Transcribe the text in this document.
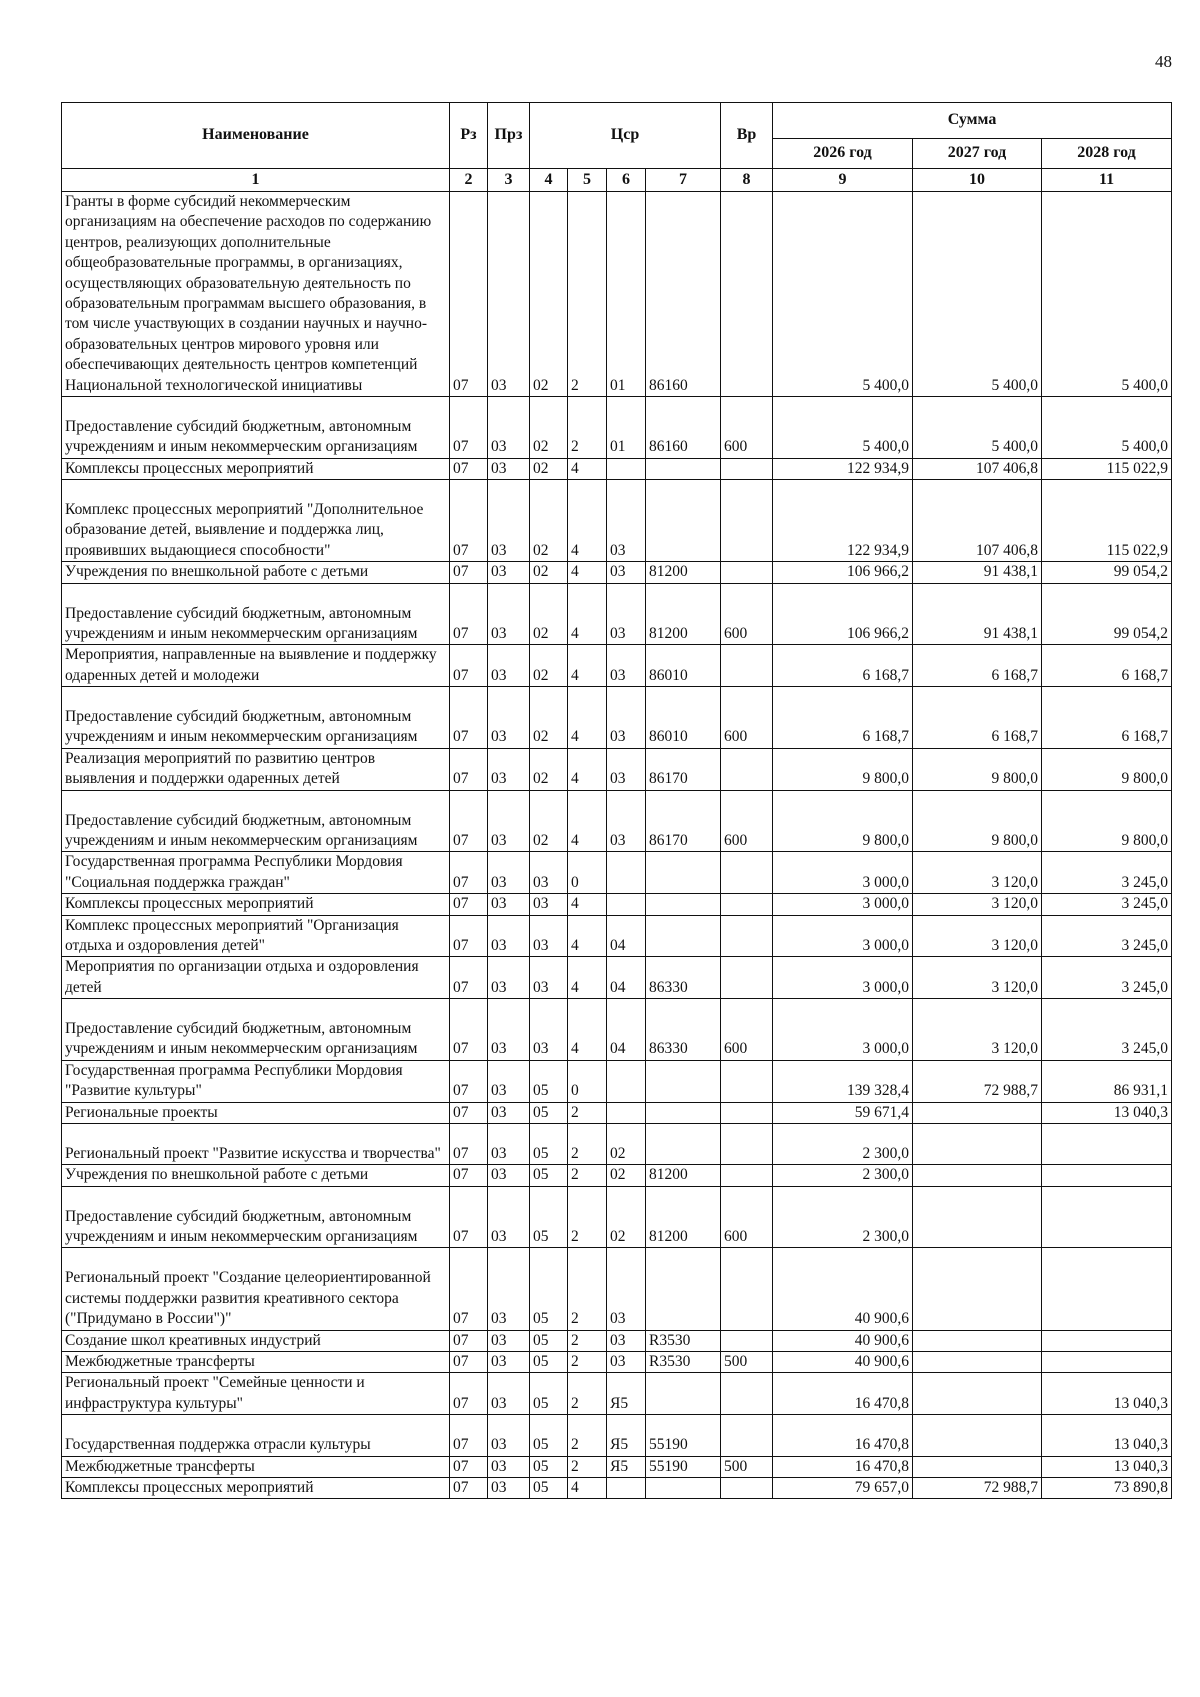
48
Наименование	Рз	Прз	Цср				Вр	Сумма		
								2026 год	2027 год	2028 год
1	2	3	4	5	6	7	8	9	10	11
Гранты в форме субсидий некоммерческим организациям на обеспечение расходов по содержанию центров, реализующих дополнительные общеобразовательные программы, в организациях, осуществляющих образовательную деятельность по образовательным программам высшего образования, в том числе участвующих в создании научных и научно-образовательных центров мирового уровня или обеспечивающих деятельность центров компетенций Национальной технологической инициативы	07	03	02	2	01	86160		5 400,0	5 400,0	5 400,0
Предоставление субсидий бюджетным, автономным учреждениям и иным некоммерческим организациям	07	03	02	2	01	86160	600	5 400,0	5 400,0	5 400,0
Комплексы процессных мероприятий	07	03	02	4				122 934,9	107 406,8	115 022,9
Комплекс процессных мероприятий "Дополнительное образование детей, выявление и поддержка лиц, проявивших выдающиеся способности"	07	03	02	4	03			122 934,9	107 406,8	115 022,9
Учреждения по внешкольной работе с детьми	07	03	02	4	03	81200		106 966,2	91 438,1	99 054,2
Предоставление субсидий бюджетным, автономным учреждениям и иным некоммерческим организациям	07	03	02	4	03	81200	600	106 966,2	91 438,1	99 054,2
Мероприятия, направленные на выявление и поддержку одаренных детей и молодежи	07	03	02	4	03	86010		6 168,7	6 168,7	6 168,7
Предоставление субсидий бюджетным, автономным учреждениям и иным некоммерческим организациям	07	03	02	4	03	86010	600	6 168,7	6 168,7	6 168,7
Реализация мероприятий по развитию центров выявления и поддержки одаренных детей	07	03	02	4	03	86170		9 800,0	9 800,0	9 800,0
Предоставление субсидий бюджетным, автономным учреждениям и иным некоммерческим организациям	07	03	02	4	03	86170	600	9 800,0	9 800,0	9 800,0
Государственная программа Республики Мордовия "Социальная поддержка граждан"	07	03	03	0				3 000,0	3 120,0	3 245,0
Комплексы процессных мероприятий	07	03	03	4				3 000,0	3 120,0	3 245,0
Комплекс процессных мероприятий "Организация отдыха и оздоровления детей"	07	03	03	4	04			3 000,0	3 120,0	3 245,0
Мероприятия по организации отдыха и оздоровления детей	07	03	03	4	04	86330		3 000,0	3 120,0	3 245,0
Предоставление субсидий бюджетным, автономным учреждениям и иным некоммерческим организациям	07	03	03	4	04	86330	600	3 000,0	3 120,0	3 245,0
Государственная программа Республики Мордовия "Развитие культуры"	07	03	05	0				139 328,4	72 988,7	86 931,1
Региональные проекты	07	03	05	2				59 671,4		13 040,3
Региональный проект "Развитие искусства и творчества"	07	03	05	2	02			2 300,0		
Учреждения по внешкольной работе с детьми	07	03	05	2	02	81200		2 300,0		
Предоставление субсидий бюджетным, автономным учреждениям и иным некоммерческим организациям	07	03	05	2	02	81200	600	2 300,0		
Региональный проект "Создание целеориентированной системы поддержки развития креативного сектора ("Придумано в России")"	07	03	05	2	03			40 900,6		
Создание школ креативных индустрий	07	03	05	2	03	R3530		40 900,6		
Межбюджетные трансферты	07	03	05	2	03	R3530	500	40 900,6		
Региональный проект "Семейные ценности и инфраструктура культуры"	07	03	05	2	Я5			16 470,8		13 040,3
Государственная поддержка отрасли культуры	07	03	05	2	Я5	55190		16 470,8		13 040,3
Межбюджетные трансферты	07	03	05	2	Я5	55190	500	16 470,8		13 040,3
Комплексы процессных мероприятий	07	03	05	4				79 657,0	72 988,7	73 890,8
